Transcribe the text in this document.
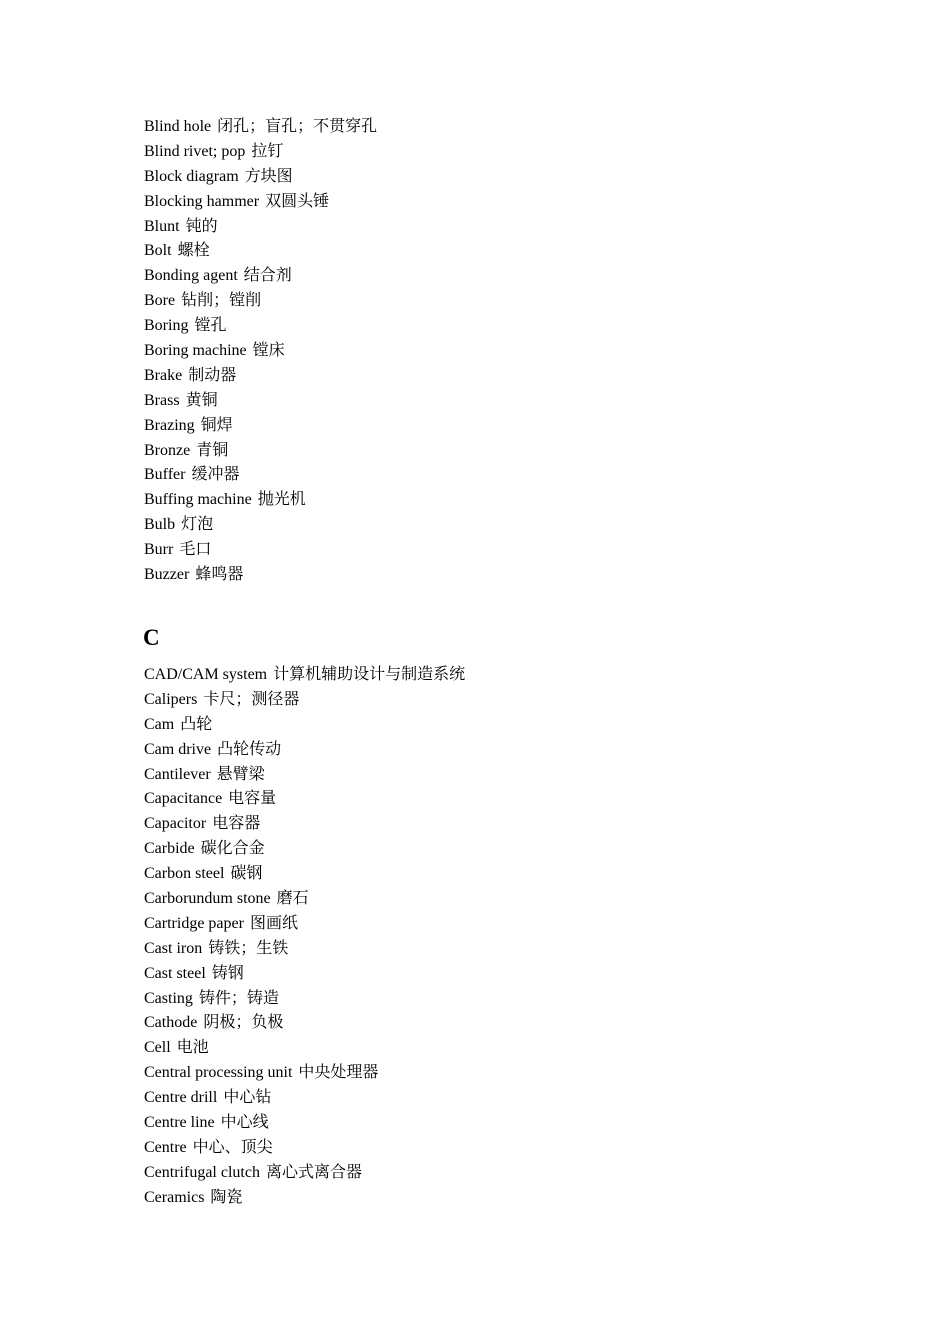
Blind hole 闭孔；盲孔；不贯穿孔
Blind rivet; pop 拉钉
Block diagram 方块图
Blocking hammer 双圆头锤
Blunt 钝的
Bolt 螺栓
Bonding agent 结合剂
Bore 钻削；镗削
Boring 镗孔
Boring machine 镗床
Brake 制动器
Brass 黄铜
Brazing 铜焊
Bronze 青铜
Buffer 缓冲器
Buffing machine 抛光机
Bulb 灯泡
Burr 毛口
Buzzer 蜂鸣器
C
CAD/CAM system 计算机辅助设计与制造系统
Calipers 卡尺；测径器
Cam 凸轮
Cam drive 凸轮传动
Cantilever 悬臂梁
Capacitance 电容量
Capacitor 电容器
Carbide 碳化合金
Carbon steel 碳钢
Carborundum stone 磨石
Cartridge paper 图画纸
Cast iron 铸铁；生铁
Cast steel 铸钢
Casting 铸件；铸造
Cathode 阴极；负极
Cell 电池
Central processing unit 中央处理器
Centre drill 中心钻
Centre line 中心线
Centre 中心、顶尖
Centrifugal clutch 离心式离合器
Ceramics 陶瓷
